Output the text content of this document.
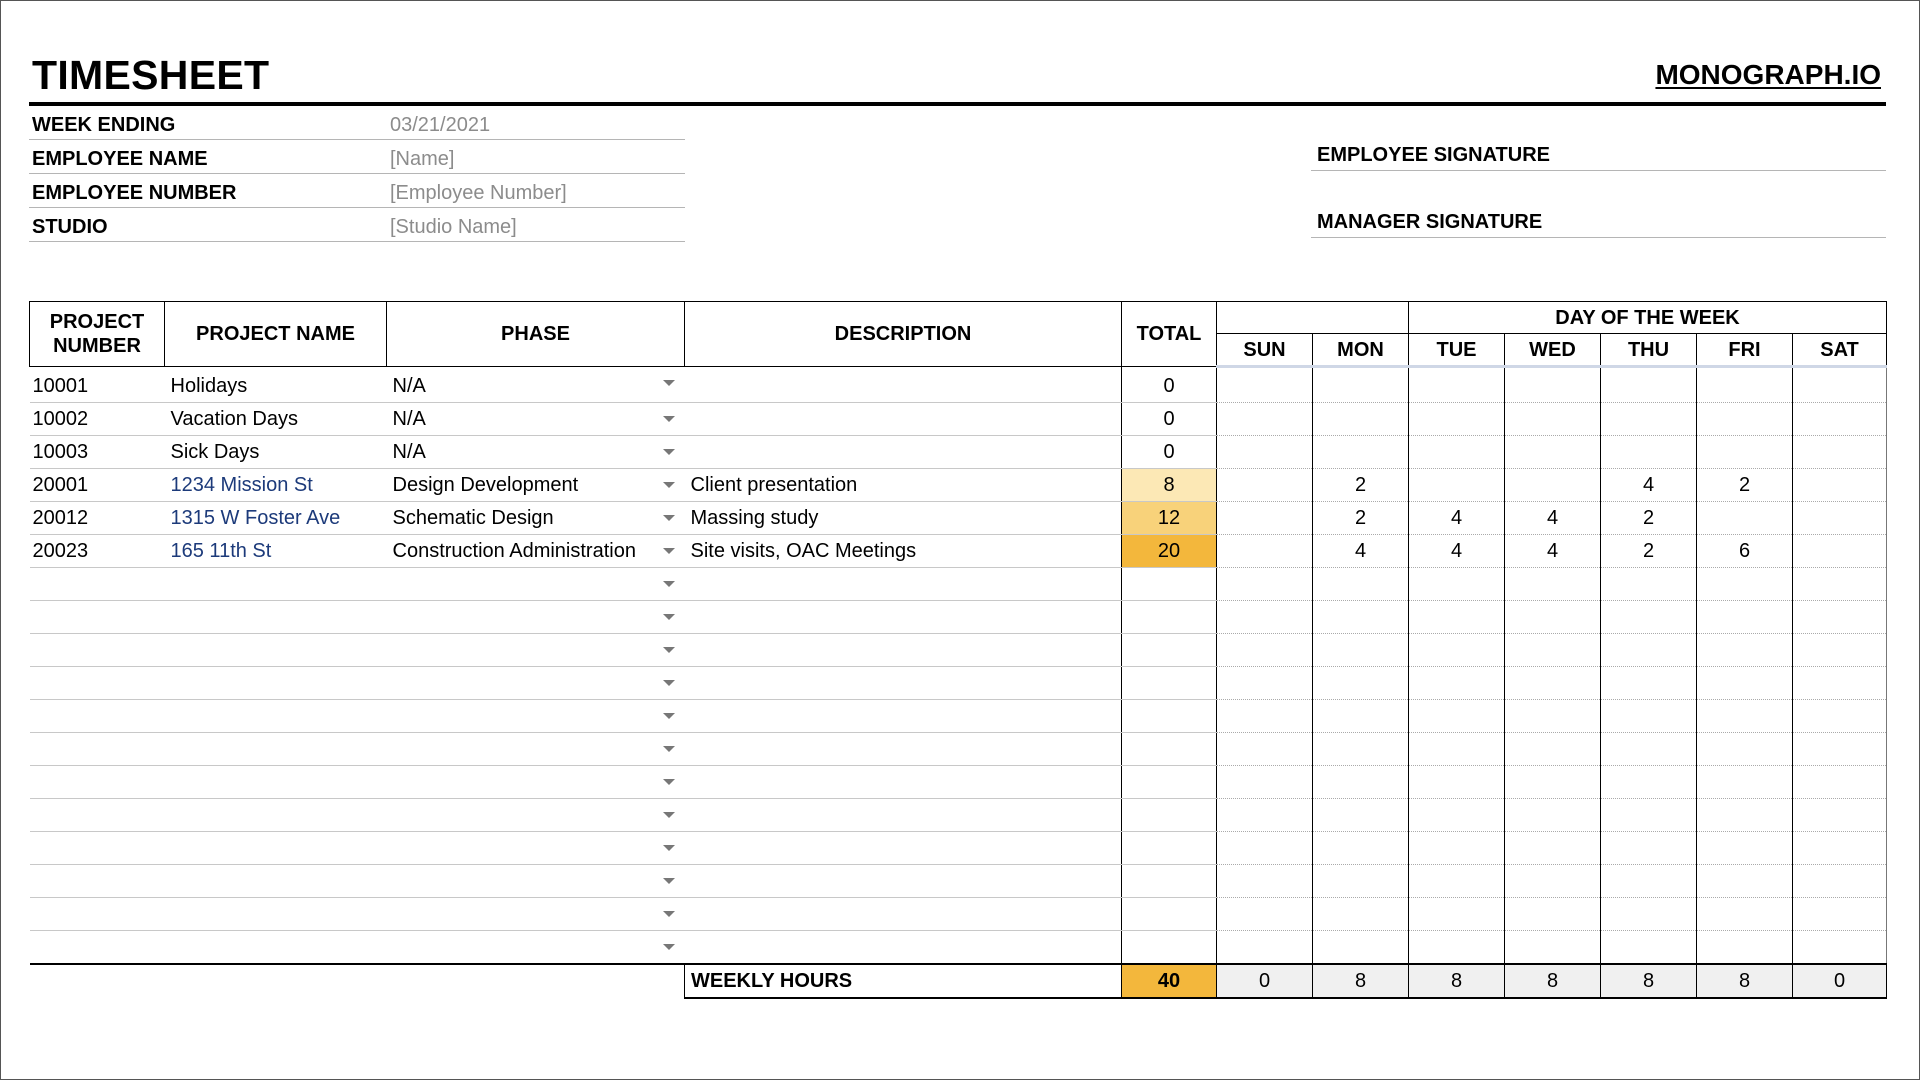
TIMESHEET	MONOGRAPH.IO
WEEK ENDING	03/21/2021
EMPLOYEE NAME	[Name]
EMPLOYEE NUMBER	[Employee Number]
STUDIO	[Studio Name]
EMPLOYEE SIGNATURE
MANAGER SIGNATURE
PROJECT NUMBER	PROJECT NAME	PHASE	DESCRIPTION	TOTAL			DAY OF THE WEEK				
					SUN	MON	TUE	WED	THU	FRI	SAT
10001	Holidays	N/A		0							
10002	Vacation Days	N/A		0							
10003	Sick Days	N/A		0							
20001	1234 Mission St	Design Development	Client presentation	8		2			4	2	
20012	1315 W Foster Ave	Schematic Design	Massing study	12		2	4	4	2		
20023	165 11th St	Construction Administration	Site visits, OAC Meetings	20		4	4	4	2	6	

			WEEKLY HOURS	40	0	8	8	8	8	8	0
